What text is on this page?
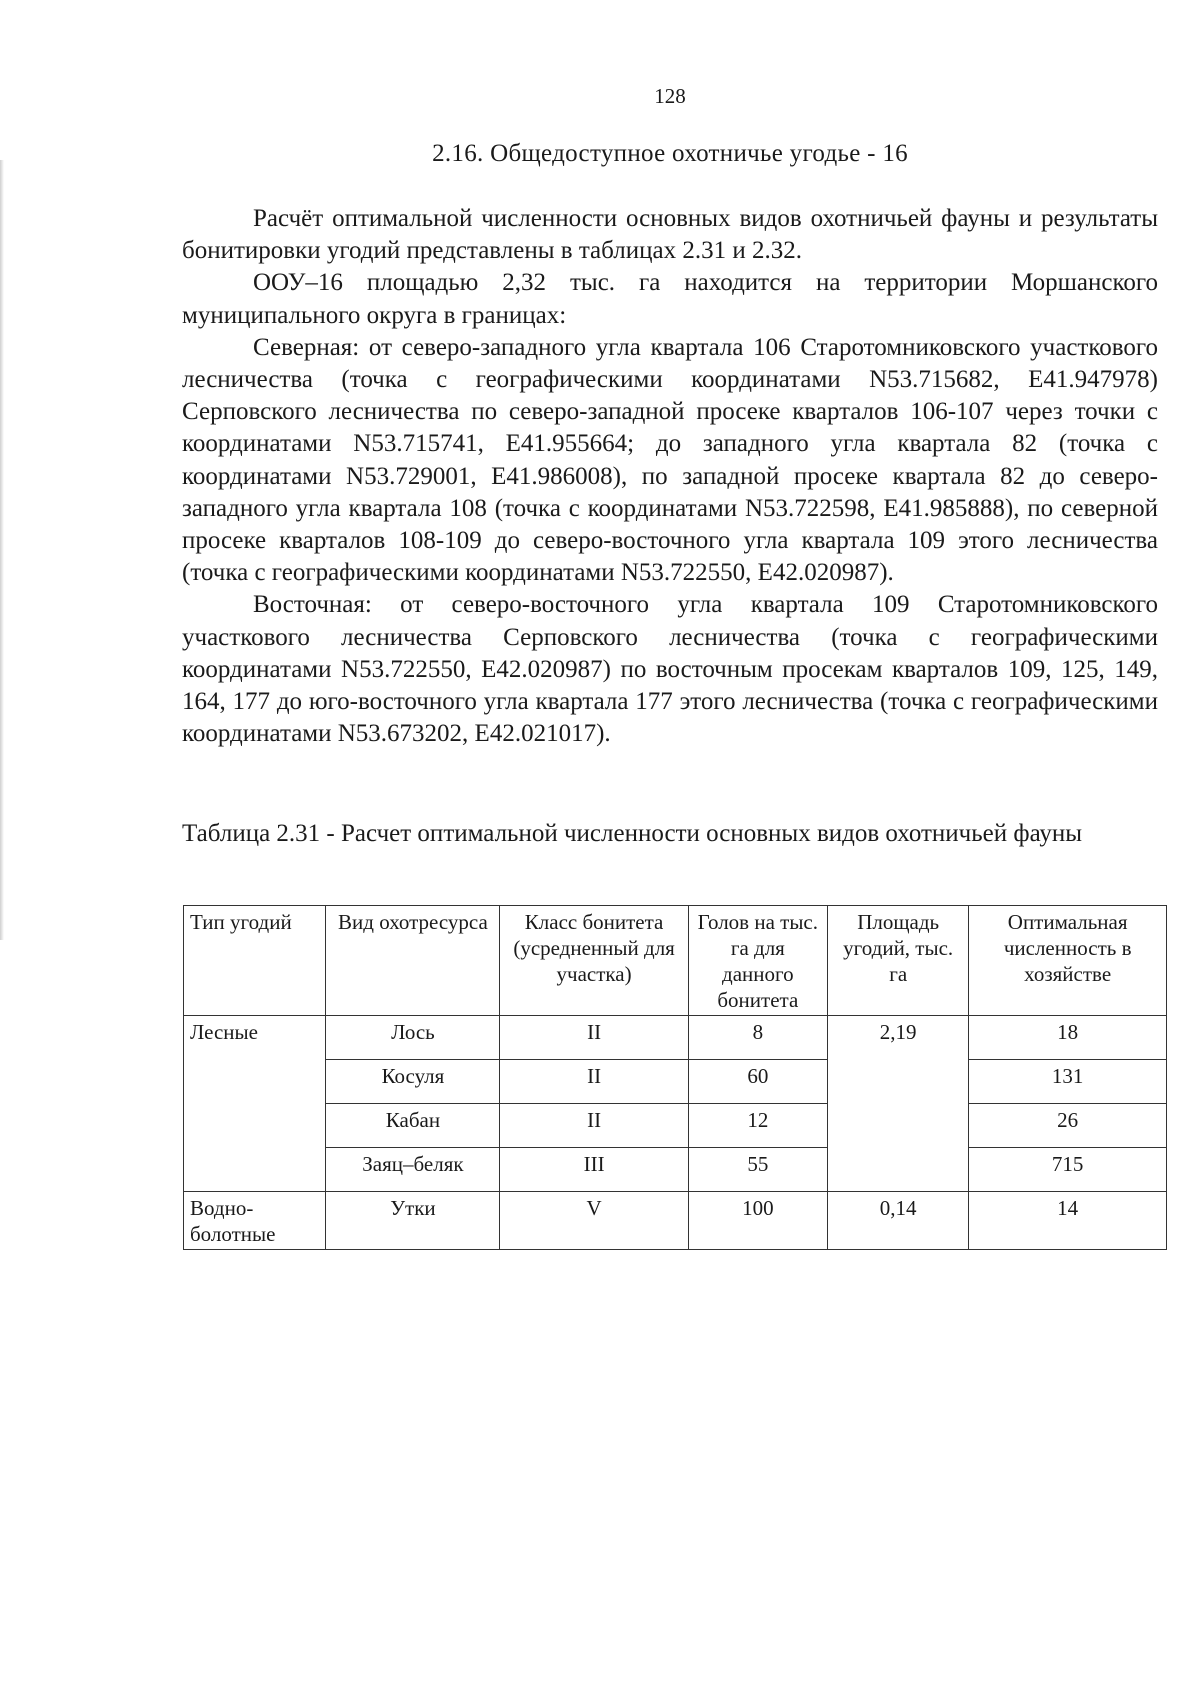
128
2.16. Общедоступное охотничье угодье - 16

Расчёт оптимальной численности основных видов охотничьей фауны и результаты бонитировки угодий представлены в таблицах 2.31 и 2.32.

ООУ–16 площадью 2,32 тыс. га находится на территории Моршанского муниципального округа в границах:

Северная: от северо-западного угла квартала 106 Старотомниковского участкового лесничества (точка с географическими координатами N53.715682, E41.947978) Серповского лесничества по северо-западной просеке кварталов 106-107 через точки с координатами N53.715741, E41.955664; до западного угла квартала 82 (точка с координатами N53.729001, E41.986008), по западной просеке квартала 82 до северо-западного угла квартала 108 (точка с координатами N53.722598, E41.985888), по северной просеке кварталов 108-109 до северо-восточного угла квартала 109 этого лесничества (точка с географическими координатами N53.722550, E42.020987).

Восточная: от северо-восточного угла квартала 109 Старотомниковского участкового лесничества Серповского лесничества (точка с географическими координатами N53.722550, E42.020987) по восточным просекам кварталов 109, 125, 149, 164, 177 до юго-восточного угла квартала 177 этого лесничества (точка с географическими координатами N53.673202, E42.021017).

Таблица 2.31 - Расчет оптимальной численности основных видов охотничьей фауны
Тип угодий	Вид охотресурса	Класс бонитета (усредненный для участка)	Голов на тыс. га для данного бонитета	Площадь угодий, тыс. га	Оптимальная численность в хозяйстве
Лесные	Лось	II	8	2,19	18
	Косуля	II	60		131
	Кабан	II	12		26
	Заяц–беляк	III	55		715
Водно-болотные	Утки	V	100	0,14	14
